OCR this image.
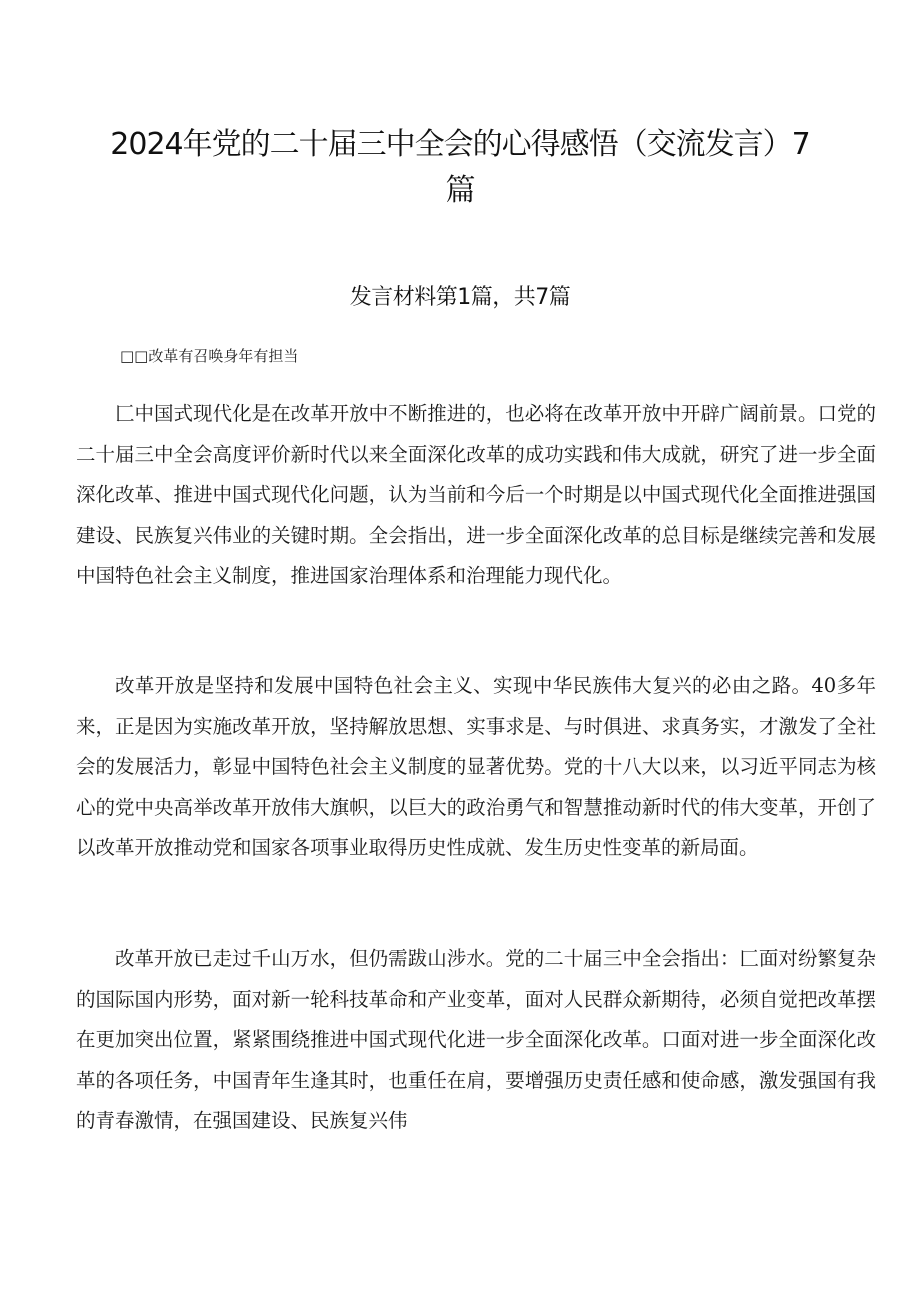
2024年党的二十届三中全会的心得感悟（交流发言）7篇
发言材料第1篇，共7篇
□□改革有召唤身年有担当

匚中国式现代化是在改革开放中不断推进的，也必将在改革开放中开辟广阔前景。口党的二十届三中全会高度评价新时代以来全面深化改革的成功实践和伟大成就，研究了进一步全面深化改革、推进中国式现代化问题，认为当前和今后一个时期是以中国式现代化全面推进强国建设、民族复兴伟业的关键时期。全会指出，进一步全面深化改革的总目标是继续完善和发展中国特色社会主义制度，推进国家治理体系和治理能力现代化。

改革开放是坚持和发展中国特色社会主义、实现中华民族伟大复兴的必由之路。40多年来，正是因为实施改革开放，坚持解放思想、实事求是、与时俱进、求真务实，才激发了全社会的发展活力，彰显中国特色社会主义制度的显著优势。党的十八大以来，以习近平同志为核心的党中央高举改革开放伟大旗帜，以巨大的政治勇气和智慧推动新时代的伟大变革，开创了以改革开放推动党和国家各项事业取得历史性成就、发生历史性变革的新局面。

改革开放已走过千山万水，但仍需跋山涉水。党的二十届三中全会指出：匚面对纷繁复杂的国际国内形势，面对新一轮科技革命和产业变革，面对人民群众新期待，必须自觉把改革摆在更加突出位置，紧紧围绕推进中国式现代化进一步全面深化改革。口面对进一步全面深化改革的各项任务，中国青年生逢其时，也重任在肩，要增强历史责任感和使命感，激发强国有我的青春激情，在强国建设、民族复兴伟
